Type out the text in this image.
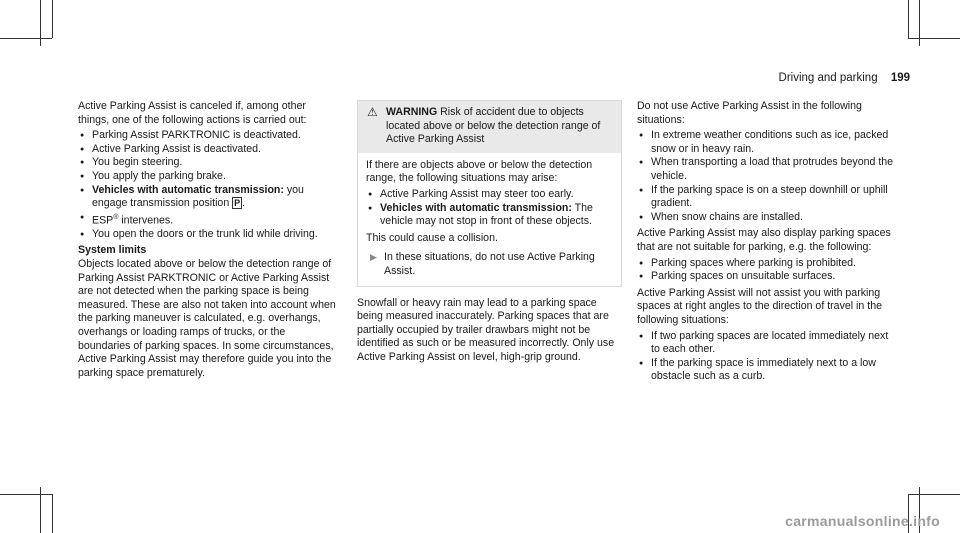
Driving and parking 199

Active Parking Assist is canceled if, among other things, one of the following actions is carried out:

● Parking Assist PARKTRONIC is deactivated.
● Active Parking Assist is deactivated.
● You begin steering.
● You apply the parking brake.
● Vehicles with automatic transmission: you engage transmission position P .
● ESP® intervenes.
● You open the doors or the trunk lid while driving.

System limits

Objects located above or below the detection range of Parking Assist PARKTRONIC or Active Parking Assist are not detected when the parking space is being measured. These are also not taken into account when the parking maneuver is calculated, e.g. overhangs, overhangs or loading ramps of trucks, or the boundaries of parking spaces. In some circumstances, Active Parking Assist may therefore guide you into the parking space prematurely.

⚠ WARNING Risk of accident due to objects located above or below the detection range of Active Parking Assist

If there are objects above or below the detection range, the following situations may arise:

● Active Parking Assist may steer too early.
● Vehicles with automatic transmission: The vehicle may not stop in front of these objects.

This could cause a collision.

▶ In these situations, do not use Active Parking Assist.

Snowfall or heavy rain may lead to a parking space being measured inaccurately. Parking spaces that are partially occupied by trailer drawbars might not be identified as such or be measured incorrectly. Only use Active Parking Assist on level, high-grip ground.

Do not use Active Parking Assist in the following situations:

● In extreme weather conditions such as ice, packed snow or in heavy rain.
● When transporting a load that protrudes beyond the vehicle.
● If the parking space is on a steep downhill or uphill gradient.
● When snow chains are installed.

Active Parking Assist may also display parking spaces that are not suitable for parking, e.g. the following:

● Parking spaces where parking is prohibited.
● Parking spaces on unsuitable surfaces.

Active Parking Assist will not assist you with parking spaces at right angles to the direction of travel in the following situations:

● If two parking spaces are located immediately next to each other.
● If the parking space is immediately next to a low obstacle such as a curb.
carmanualsonline.info
